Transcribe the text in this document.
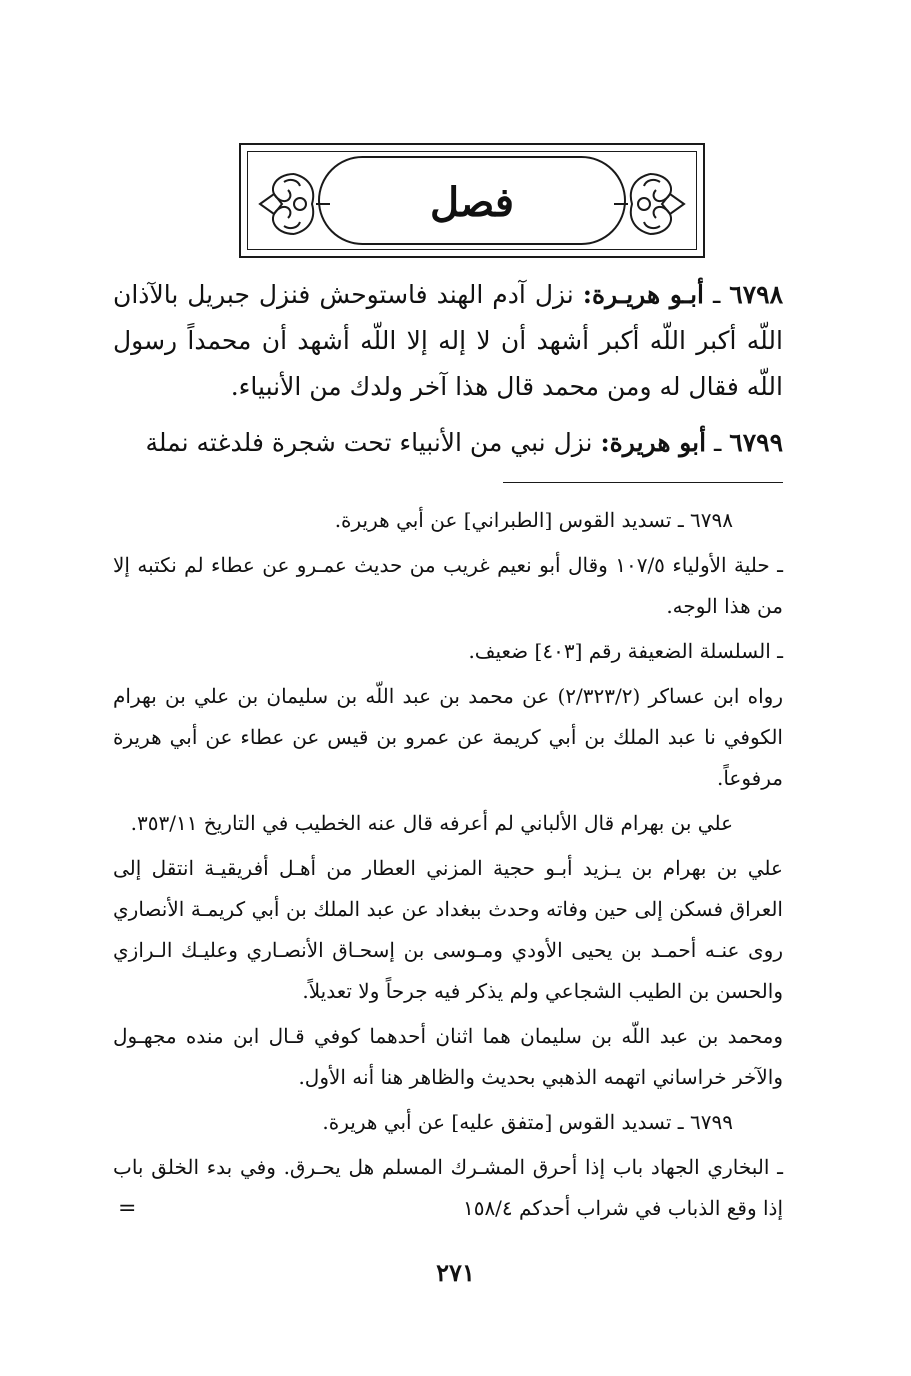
فصل

٦٧٩٨ ـ أبـو هريـرة: نزل آدم الهند فاستوحش فنزل جبريل بالآذان اللّه أكبر اللّه أكبر أشهد أن لا إله إلا اللّه أشهد أن محمداً رسول اللّه فقال له ومن محمد قال هذا آخر ولدك من الأنبياء.

٦٧٩٩ ـ أبو هريرة: نزل نبي من الأنبياء تحت شجرة فلدغته نملة

٦٧٩٨ ـ تسديد القوس [الطبراني] عن أبي هريرة.

ـ حلية الأولياء ١٠٧/٥ وقال أبو نعيم غريب من حديث عمـرو عن عطاء لم نكتبه إلا من هذا الوجه.

ـ السلسلة الضعيفة رقم [٤٠٣] ضعيف.

رواه ابن عساكر (٢/٣٢٣/٢) عن محمد بن عبد اللّه بن سليمان بن علي بن بهرام الكوفي نا عبد الملك بن أبي كريمة عن عمرو بن قيس عن عطاء عن أبي هريرة مرفوعاً.

علي بن بهرام قال الألباني لم أعرفه قال عنه الخطيب في التاريخ ٣٥٣/١١.

علي بن بهرام بن يـزيد أبـو حجية المزني العطار من أهـل أفريقيـة انتقل إلى العراق فسكن إلى حين وفاته وحدث ببغداد عن عبد الملك بن أبي كريمـة الأنصاري روى عنـه أحمـد بن يحيى الأودي ومـوسى بن إسحـاق الأنصـاري وعليـك الـرازي والحسن بن الطيب الشجاعي ولم يذكر فيه جرحاً ولا تعديلاً.

ومحمد بن عبد اللّه بن سليمان هما اثنان أحدهما كوفي قـال ابن منده مجهـول والآخر خراساني اتهمه الذهبي بحديث والظاهر هنا أنه الأول.

٦٧٩٩ ـ تسديد القوس [متفق عليه] عن أبي هريرة.

ـ البخاري الجهاد باب إذا أحرق المشـرك المسلم هل يحـرق. وفي بدء الخلق باب إذا وقع الذباب في شراب أحدكم ١٥٨/٤

=
٢٧١
